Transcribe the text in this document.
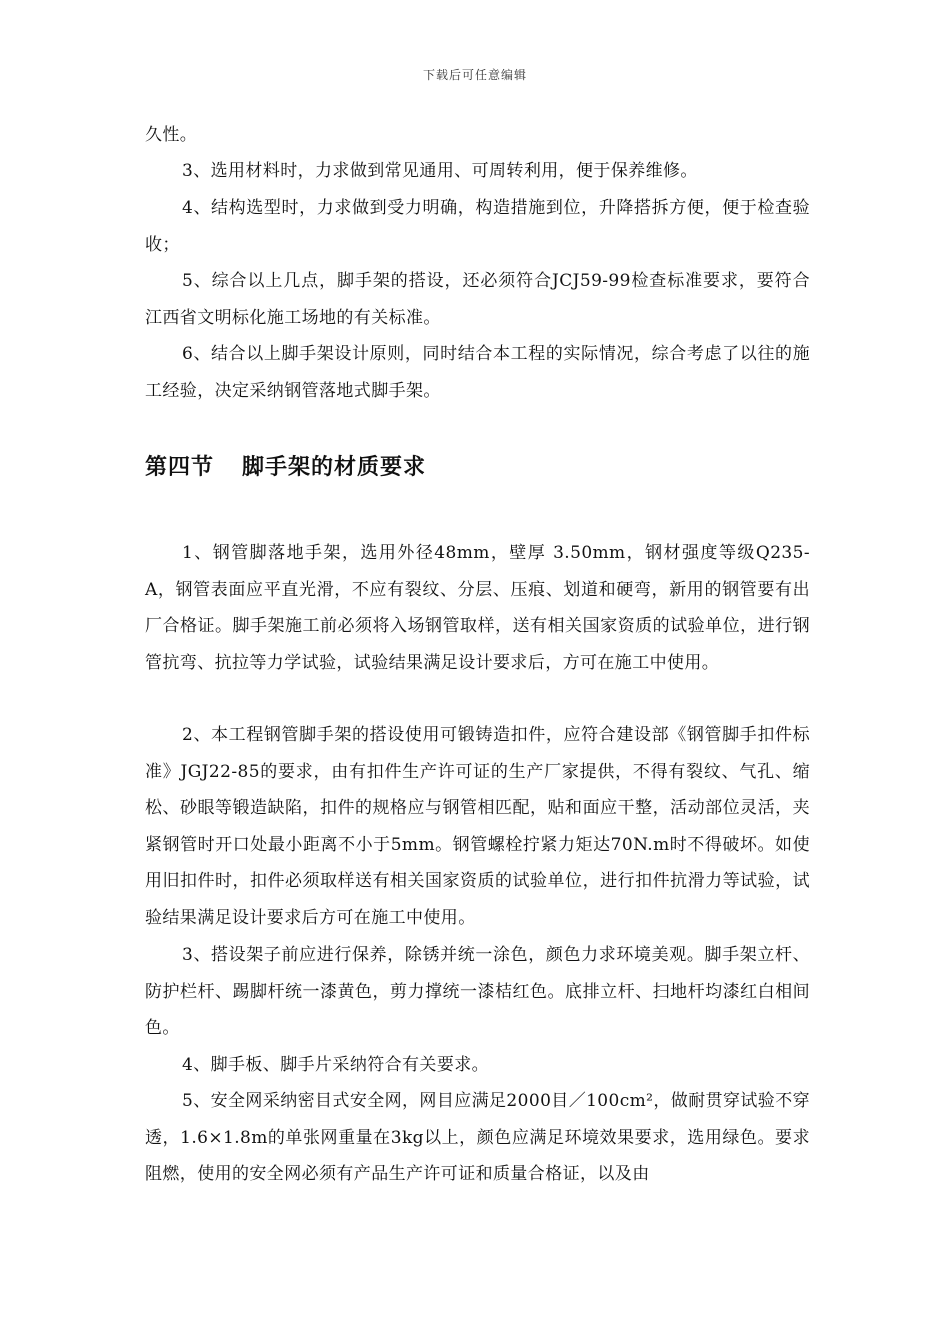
下载后可任意编辑

久性。

3、选用材料时，力求做到常见通用、可周转利用，便于保养维修。

4、结构选型时，力求做到受力明确，构造措施到位，升降搭拆方便，便于检查验收；

5、综合以上几点，脚手架的搭设，还必须符合JCJ59-99检查标准要求，要符合江西省文明标化施工场地的有关标准。

6、结合以上脚手架设计原则，同时结合本工程的实际情况，综合考虑了以往的施工经验，决定采纳钢管落地式脚手架。

第四节 脚手架的材质要求

1、钢管脚落地手架，选用外径48mm，壁厚 3.50mm，钢材强度等级Q235-A，钢管表面应平直光滑，不应有裂纹、分层、压痕、划道和硬弯，新用的钢管要有出厂合格证。脚手架施工前必须将入场钢管取样，送有相关国家资质的试验单位，进行钢管抗弯、抗拉等力学试验，试验结果满足设计要求后，方可在施工中使用。

2、本工程钢管脚手架的搭设使用可锻铸造扣件，应符合建设部《钢管脚手扣件标准》JGJ22-85的要求，由有扣件生产许可证的生产厂家提供，不得有裂纹、气孔、缩松、砂眼等锻造缺陷，扣件的规格应与钢管相匹配，贴和面应干整，活动部位灵活，夹紧钢管时开口处最小距离不小于5mm。钢管螺栓拧紧力矩达70N.m时不得破坏。如使用旧扣件时，扣件必须取样送有相关国家资质的试验单位，进行扣件抗滑力等试验，试验结果满足设计要求后方可在施工中使用。

3、搭设架子前应进行保养，除锈并统一涂色，颜色力求环境美观。脚手架立杆、防护栏杆、踢脚杆统一漆黄色，剪力撑统一漆桔红色。底排立杆、扫地杆均漆红白相间 色。

4、脚手板、脚手片采纳符合有关要求。

5、安全网采纳密目式安全网，网目应满足2000目／100cm²，做耐贯穿试验不穿透，1.6×1.8m的单张网重量在3kg以上，颜色应满足环境效果要求，选用绿色。要求阻燃，使用的安全网必须有产品生产许可证和质量合格证，以及由
